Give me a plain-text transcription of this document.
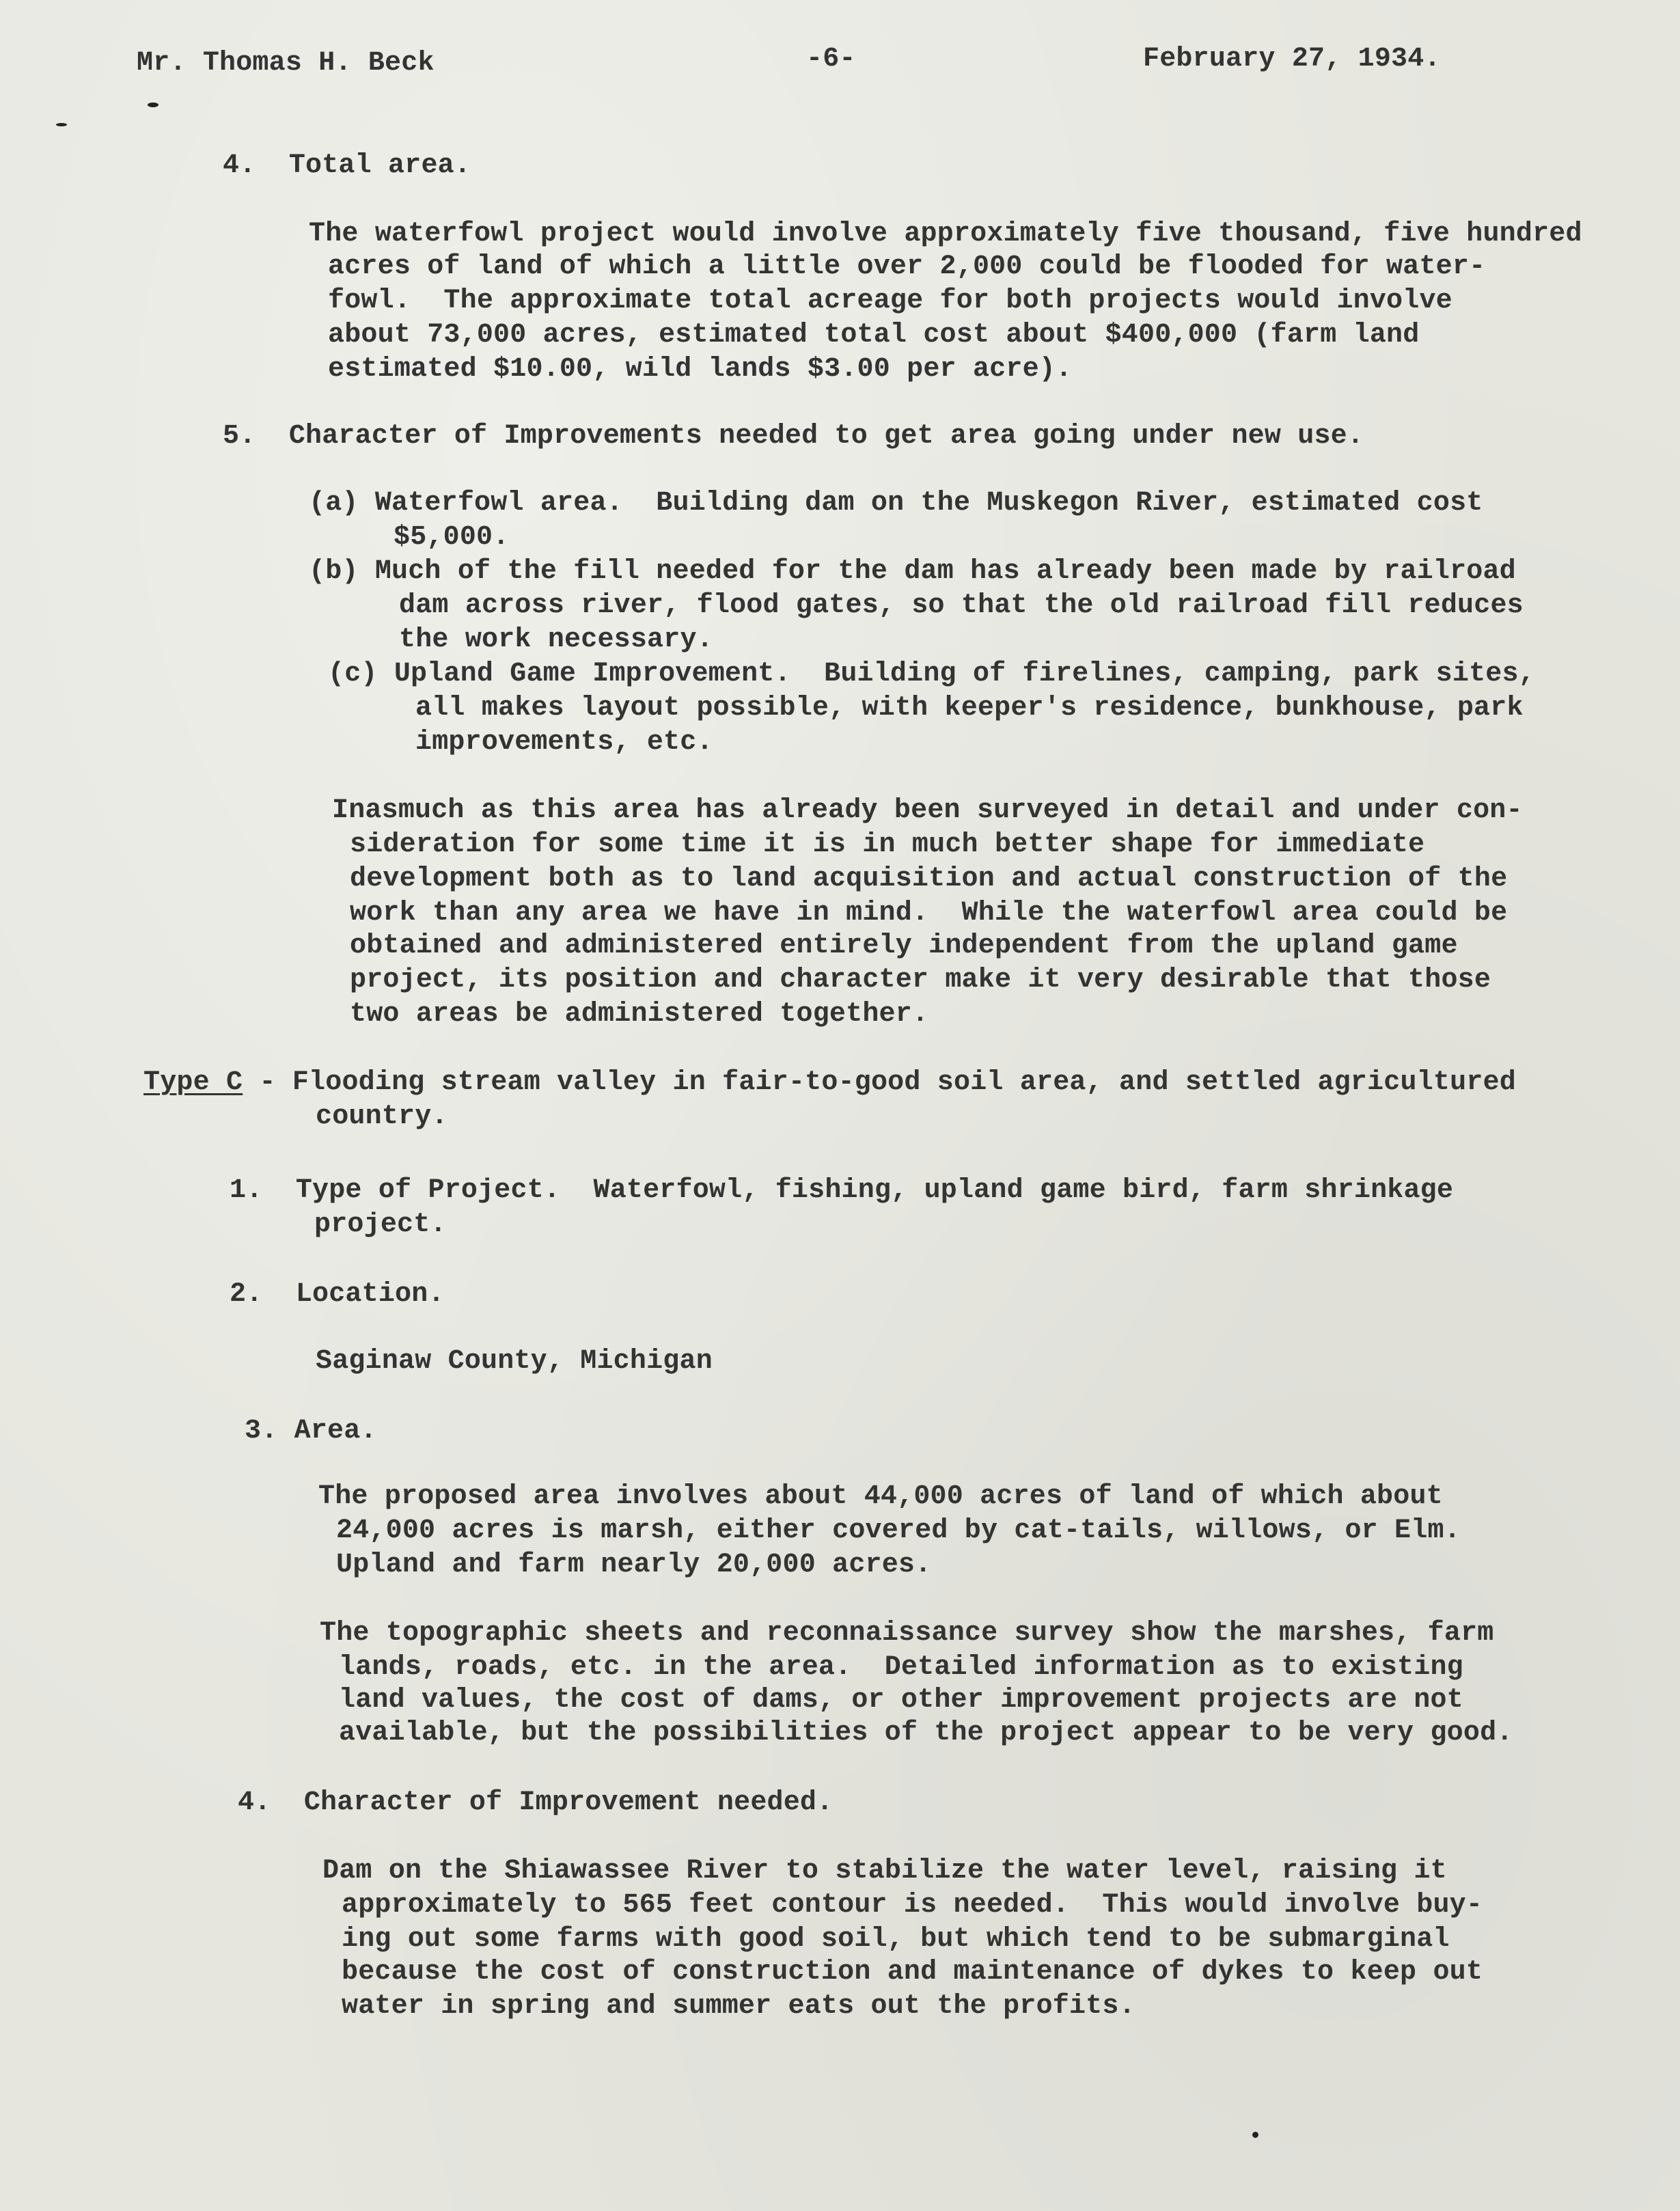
Mr. Thomas H. Beck	-6-	February 27, 1934.
4.  Total area.
The waterfowl project would involve approximately five thousand, five hundred
acres of land of which a little over 2,000 could be flooded for water-
fowl.  The approximate total acreage for both projects would involve
about 73,000 acres, estimated total cost about $400,000 (farm land
estimated $10.00, wild lands $3.00 per acre).
5.  Character of Improvements needed to get area going under new use.
(a) Waterfowl area.  Building dam on the Muskegon River, estimated cost
$5,000.
(b) Much of the fill needed for the dam has already been made by railroad
dam across river, flood gates, so that the old railroad fill reduces
the work necessary.
(c) Upland Game Improvement.  Building of firelines, camping, park sites,
all makes layout possible, with keeper's residence, bunkhouse, park
improvements, etc.
Inasmuch as this area has already been surveyed in detail and under con-
sideration for some time it is in much better shape for immediate
development both as to land acquisition and actual construction of the
work than any area we have in mind.  While the waterfowl area could be
obtained and administered entirely independent from the upland game
project, its position and character make it very desirable that those
two areas be administered together.
Type C - Flooding stream valley in fair-to-good soil area, and settled agricultured
country.
1.  Type of Project.  Waterfowl, fishing, upland game bird, farm shrinkage
project.
2.  Location.
Saginaw County, Michigan
3. Area.
The proposed area involves about 44,000 acres of land of which about
24,000 acres is marsh, either covered by cat-tails, willows, or Elm.
Upland and farm nearly 20,000 acres.
The topographic sheets and reconnaissance survey show the marshes, farm
lands, roads, etc. in the area.  Detailed information as to existing
land values, the cost of dams, or other improvement projects are not
available, but the possibilities of the project appear to be very good.
4.  Character of Improvement needed.
Dam on the Shiawassee River to stabilize the water level, raising it
approximately to 565 feet contour is needed.  This would involve buy-
ing out some farms with good soil, but which tend to be submarginal
because the cost of construction and maintenance of dykes to keep out
water in spring and summer eats out the profits.
